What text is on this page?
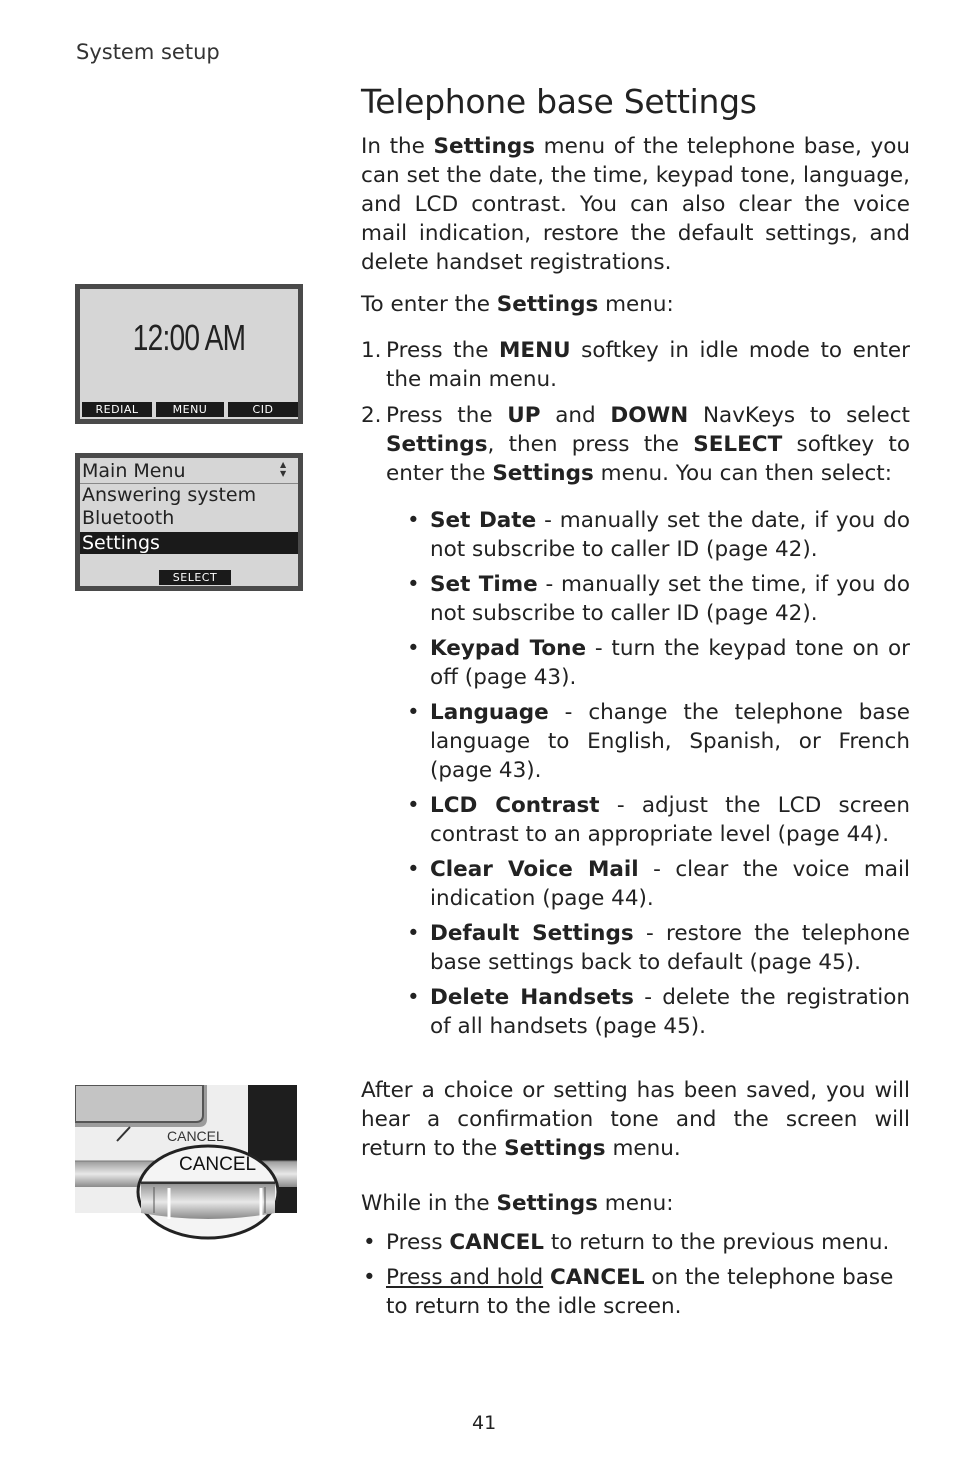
System setup
Telephone base Settings

In the Settings menu of the telephone base, you can set the date, the time, keypad tone, language, and LCD contrast. You can also clear the voice mail indication, restore the default settings, and delete handset registrations.

To enter the Settings menu:

1. Press the MENU softkey in idle mode to enter the main menu.
2. Press the UP and DOWN NavKeys to select Settings, then press the SELECT softkey to enter the Settings menu. You can then select:
• Set Date - manually set the date, if you do not subscribe to caller ID (page 42).
• Set Time - manually set the time, if you do not subscribe to caller ID (page 42).
• Keypad Tone - turn the keypad tone on or off (page 43).
• Language - change the telephone base language to English, Spanish, or French (page 43).
• LCD Contrast - adjust the LCD screen contrast to an appropriate level (page 44).
• Clear Voice Mail - clear the voice mail indication (page 44).
• Default Settings - restore the telephone base settings back to default (page 45).
• Delete Handsets - delete the registration of all handsets (page 45).

After a choice or setting has been saved, you will hear a confirmation tone and the screen will return to the Settings menu.

While in the Settings menu:

• Press CANCEL to return to the previous menu.
• Press and hold CANCEL on the telephone base to return to the idle screen.
12:00 AM
REDIAL	MENU	CID
Main Menu	▲
▼
Answering system
Bluetooth
Settings
SELECT
CANCEL
CANCEL
41
